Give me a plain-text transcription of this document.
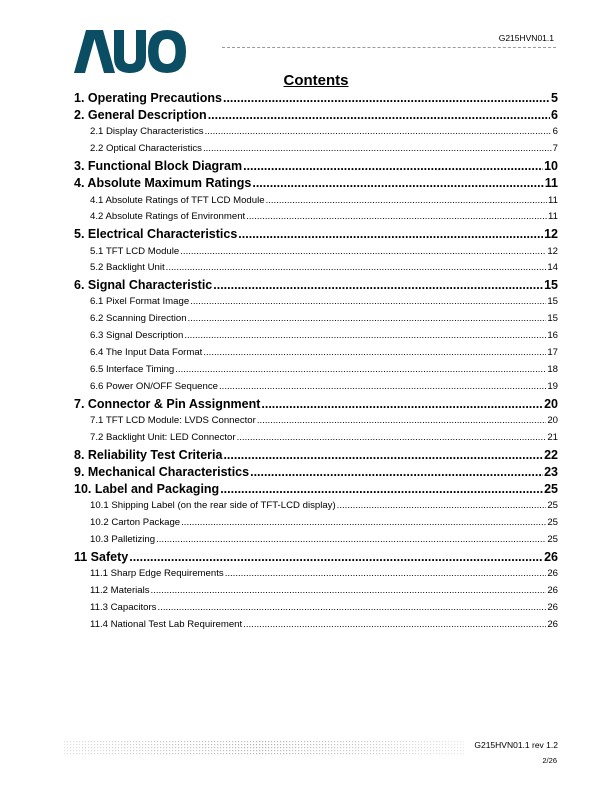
G215HVN01.1
Contents
1. Operating Precautions .....	5
2. General Description .....	6
2.1 Display Characteristics .....	6
2.2 Optical Characteristics .....	7
3. Functional Block Diagram .....	10
4. Absolute Maximum Ratings .....	11
4.1 Absolute Ratings of TFT LCD Module .....	11
4.2 Absolute Ratings of Environment .....	11
5. Electrical Characteristics .....	12
5.1 TFT LCD Module .....	12
5.2 Backlight Unit .....	14
6. Signal Characteristic .....	15
6.1 Pixel Format Image .....	15
6.2 Scanning Direction .....	15
6.3 Signal Description .....	16
6.4 The Input Data Format .....	17
6.5 Interface Timing .....	18
6.6 Power ON/OFF Sequence .....	19
7. Connector & Pin Assignment .....	20
7.1 TFT LCD Module: LVDS Connector .....	20
7.2 Backlight Unit: LED Connector .....	21
8. Reliability Test Criteria .....	22
9. Mechanical Characteristics .....	23
10. Label and Packaging .....	25
10.1 Shipping Label (on the rear side of TFT-LCD display) .....	25
10.2 Carton Package .....	25
10.3 Palletizing .....	25
11 Safety .....	26
11.1 Sharp Edge Requirements .....	26
11.2 Materials .....	26
11.3 Capacitors .....	26
11.4 National Test Lab Requirement .....	26
G215HVN01.1 rev 1.2
2/26
